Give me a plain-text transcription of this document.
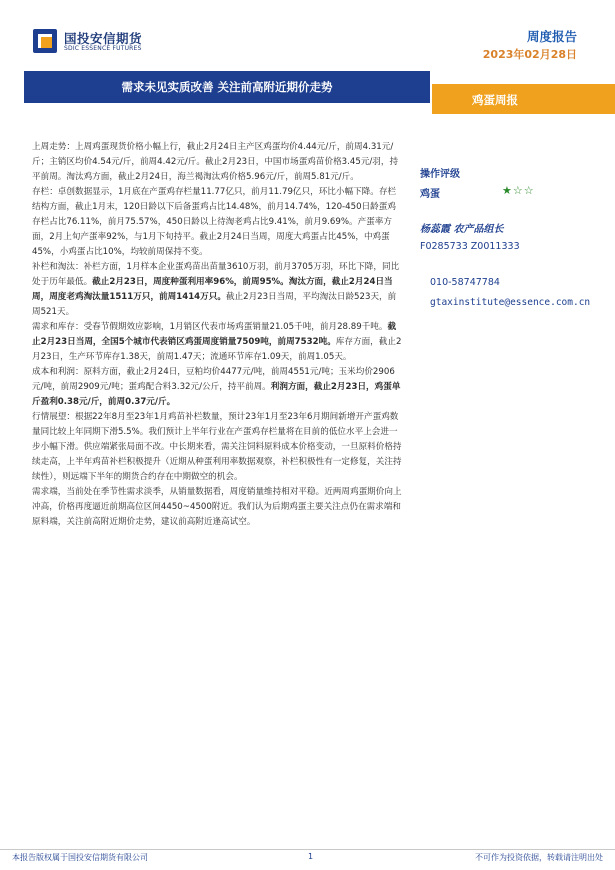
国投安信期货
SDIC ESSENCE FUTURES
周度报告
2023年02月28日
需求未见实质改善 关注前高附近期价走势
鸡蛋周报

上周走势：上周鸡蛋现货价格小幅上行，截止2月24日主产区鸡蛋均价4.44元/斤，前周4.31元/斤；主销区均价4.54元/斤，前周4.42元/斤。截止2月23日，中国市场蛋鸡苗价格3.45元/羽，持平前周。淘汰鸡方面，截止2月24日，海兰褐淘汰鸡价格5.96元/斤，前周5.81元/斤。

存栏：卓创数据显示，1月底在产蛋鸡存栏量11.77亿只，前月11.79亿只，环比小幅下降。存栏结构方面，截止1月末，120日龄以下后备蛋鸡占比14.48%，前月14.74%，120-450日龄蛋鸡存栏占比76.11%，前月75.57%，450日龄以上待淘老鸡占比9.41%，前月9.69%。产蛋率方面，2月上旬产蛋率92%，与1月下旬持平。截止2月24日当周，周度大鸡蛋占比45%，中鸡蛋45%，小鸡蛋占比10%，均较前周保持不变。

补栏和淘汰：补栏方面，1月样本企业蛋鸡苗出苗量3610万羽，前月3705万羽，环比下降，同比处于历年最低。截止2月23日，周度种蛋利用率96%，前周95%。淘汰方面，截止2月24日当周，周度老鸡淘汰量1511万只，前周1414万只。截止2月23日当周，平均淘汰日龄523天，前周521天。

需求和库存：受春节假期效应影响，1月销区代表市场鸡蛋销量21.05千吨，前月28.89千吨。截止2月23日当周，全国5个城市代表销区鸡蛋周度销量7509吨，前周7532吨。库存方面，截止2月23日，生产环节库存1.38天，前周1.47天；流通环节库存1.09天，前周1.05天。

成本和利润：原料方面，截止2月24日，豆粕均价4477元/吨，前周4551元/吨；玉米均价2906元/吨，前周2909元/吨；蛋鸡配合料3.32元/公斤，持平前周。利润方面，截止2月23日，鸡蛋单斤盈利0.38元/斤，前周0.37元/斤。

行情展望：根据22年8月至23年1月鸡苗补栏数量，预计23年1月至23年6月期间新增开产蛋鸡数量同比较上年同期下滑5.5%。我们预计上半年行业在产蛋鸡存栏量将在目前的低位水平上会进一步小幅下滑。供应端紧张局面不改。中长期来看，需关注饲料原料成本价格变动，一旦原料价格持续走高，上半年鸡苗补栏积极提升（近期从种蛋利用率数据观察，补栏积极性有一定修复，关注持续性），则远端下半年的期货合约存在中期做空的机会。

需求端，当前处在季节性需求淡季，从销量数据看，周度销量维持相对平稳。近两周鸡蛋期价向上冲高，价格再度逼近前期高位区间4450~4500附近。我们认为后期鸡蛋主要关注点仍在需求端和原料端，关注前高附近期价走势，建议前高附近逢高试空。

操作评级
鸡蛋	★☆☆
杨蕊霞 农产品组长
F0285733 Z0011333
010-58747784
gtaxinstitute@essence.com.cn
本报告版权属于国投安信期货有限公司	1	不可作为投资依据，转载请注明出处
